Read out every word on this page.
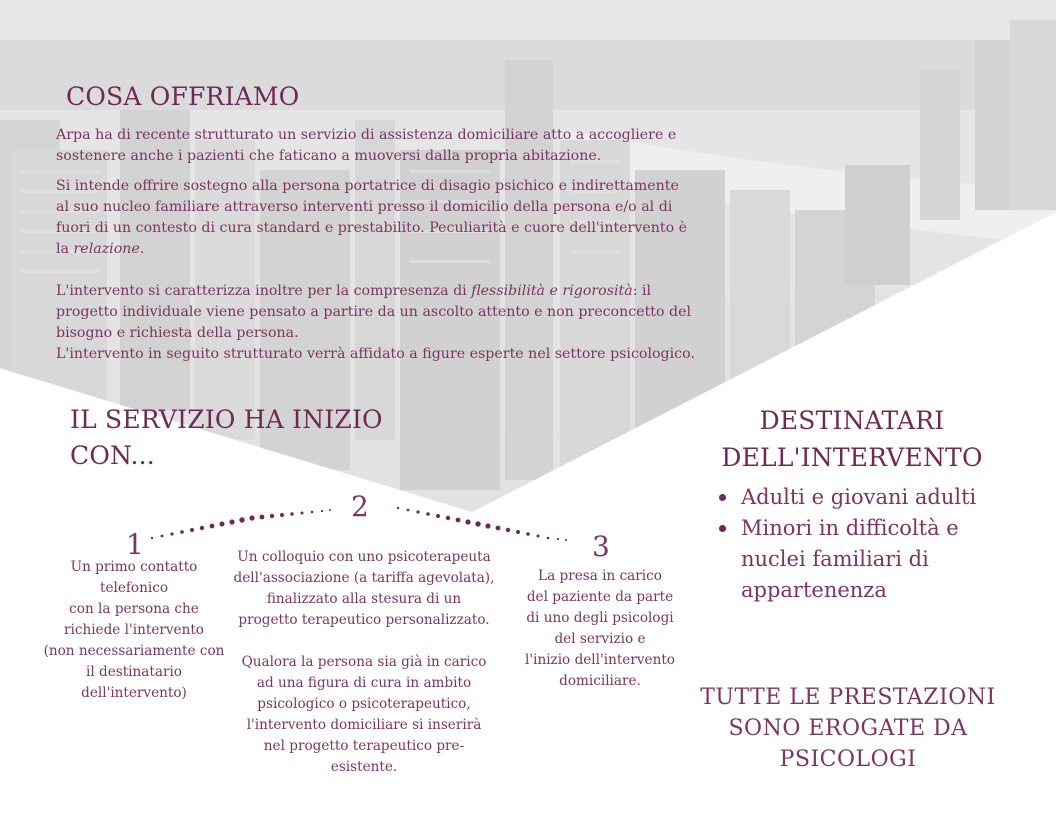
COSA OFFRIAMO

Arpa ha di recente strutturato un servizio di assistenza domiciliare atto a accogliere e sostenere anche i pazienti che faticano a muoversi dalla propria abitazione.

Si intende offrire sostegno alla persona portatrice di disagio psichico e indirettamente al suo nucleo familiare attraverso interventi presso il domicilio della persona e/o al di fuori di un contesto di cura standard e prestabilito. Peculiarità e cuore dell'intervento è la relazione.

L'intervento si caratterizza inoltre per la compresenza di flessibilità e rigorosità: il progetto individuale viene pensato a partire da un ascolto attento e non preconcetto del bisogno e richiesta della persona.

L'intervento in seguito strutturato verrà affidato a figure esperte nel settore psicologico.

IL SERVIZIO HA INIZIO
CON...
1
2
3
Un primo contatto
telefonico
con la persona che
richiede l'intervento
(non necessariamente con
il destinatario
dell'intervento)
Un colloquio con uno psicoterapeuta
dell'associazione (a tariffa agevolata),
finalizzato alla stesura di un
progetto terapeutico personalizzato.
Qualora la persona sia già in carico
ad una figura di cura in ambito
psicologico o psicoterapeutico,
l'intervento domiciliare si inserirà
nel progetto terapeutico pre-
esistente.
La presa in carico
del paziente da parte
di uno degli psicologi
del servizio e
l'inizio dell'intervento
domiciliare.
DESTINATARI
DELL'INTERVENTO
Adulti e giovani adulti
Minori in difficoltà e nuclei familiari di appartenenza
TUTTE LE PRESTAZIONI
SONO EROGATE DA
PSICOLOGI
